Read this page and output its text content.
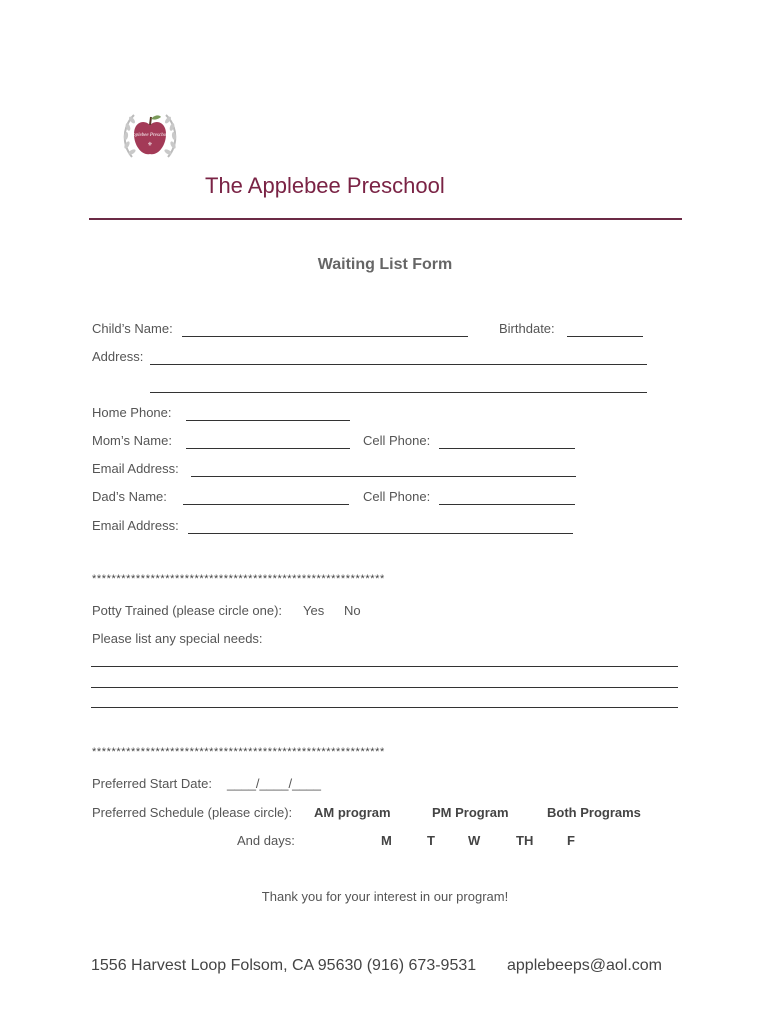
Applebee Preschool
⚜
The Applebee Preschool
Waiting List Form
Child’s Name:	Birthdate:
Address:
Home Phone:
Mom’s Name:	Cell Phone:
Email Address:
Dad’s Name:	Cell Phone:
Email Address:
************************************************************
Potty Trained (please circle one): Yes No
Please list any special needs:
************************************************************
Preferred Start Date: ____/____/____
Preferred Schedule (please circle): AM program	PM Program	Both Programs
And days:	M	T	W	TH	F
Thank you for your interest in our program!
1556 Harvest Loop Folsom, CA 95630 (916) 673-9531 applebeeps@aol.com
